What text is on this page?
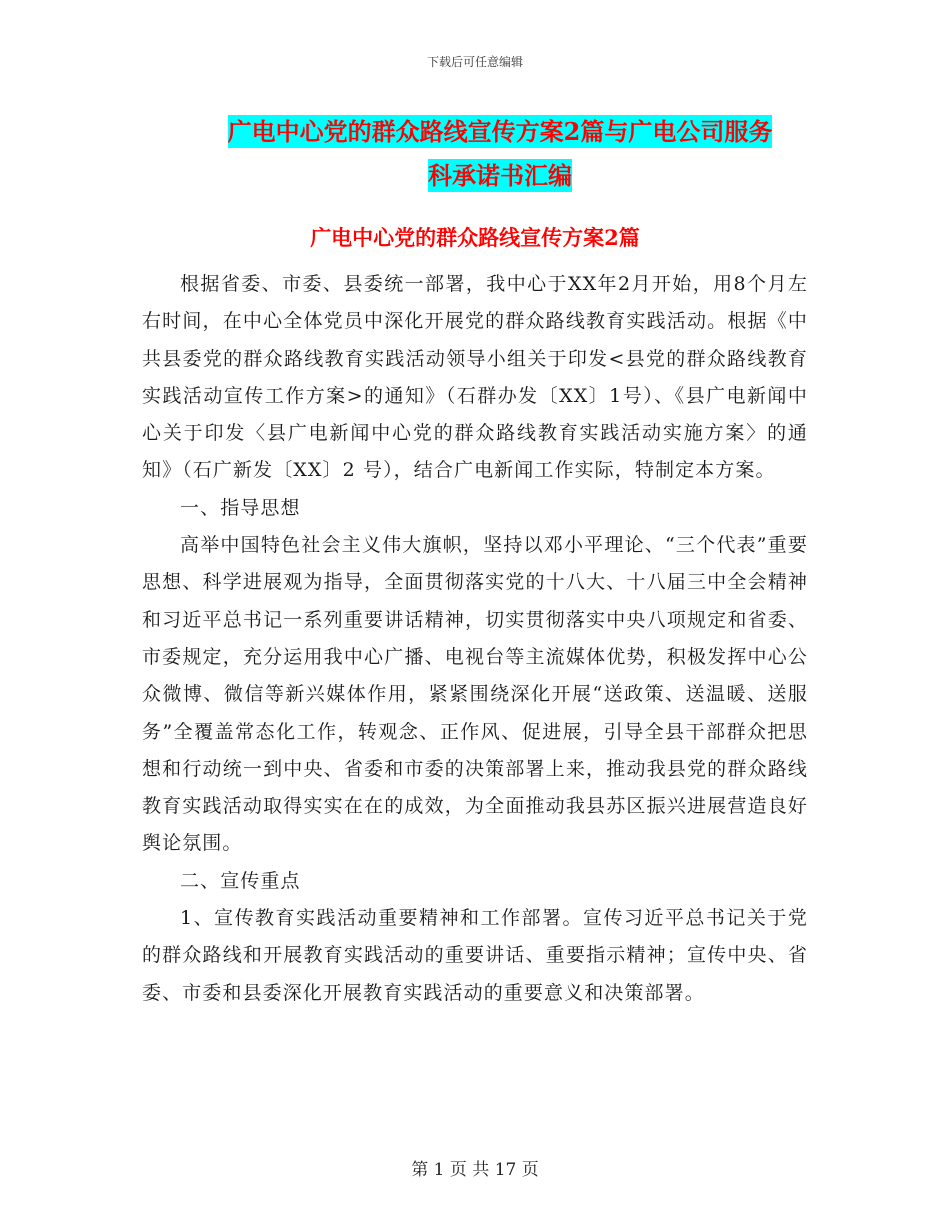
下载后可任意编辑
广电中心党的群众路线宣传方案2篇与广电公司服务
科承诺书汇编
广电中心党的群众路线宣传方案2篇

根据省委、市委、县委统一部署，我中心于XX年2月开始，用8个月左右时间，在中心全体党员中深化开展党的群众路线教育实践活动。根据《中共县委党的群众路线教育实践活动领导小组关于印发<县党的群众路线教育实践活动宣传工作方案>的通知》（石群办发〔XX〕1号）、《县广电新闻中心关于印发〈县广电新闻中心党的群众路线教育实践活动实施方案〉的通知》（石广新发〔XX〕2 号），结合广电新闻工作实际，特制定本方案。

一、指导思想

高举中国特色社会主义伟大旗帜，坚持以邓小平理论、“三个代表”重要思想、科学进展观为指导，全面贯彻落实党的十八大、十八届三中全会精神和习近平总书记一系列重要讲话精神，切实贯彻落实中央八项规定和省委、市委规定，充分运用我中心广播、电视台等主流媒体优势，积极发挥中心公众微博、微信等新兴媒体作用，紧紧围绕深化开展“送政策、送温暖、送服务”全覆盖常态化工作，转观念、正作风、促进展，引导全县干部群众把思想和行动统一到中央、省委和市委的决策部署上来，推动我县党的群众路线教育实践活动取得实实在在的成效，为全面推动我县苏区振兴进展营造良好舆论氛围。

二、宣传重点

1、宣传教育实践活动重要精神和工作部署。宣传习近平总书记关于党的群众路线和开展教育实践活动的重要讲话、重要指示精神；宣传中央、省委、市委和县委深化开展教育实践活动的重要意义和决策部署。

第 1 页 共 17 页
